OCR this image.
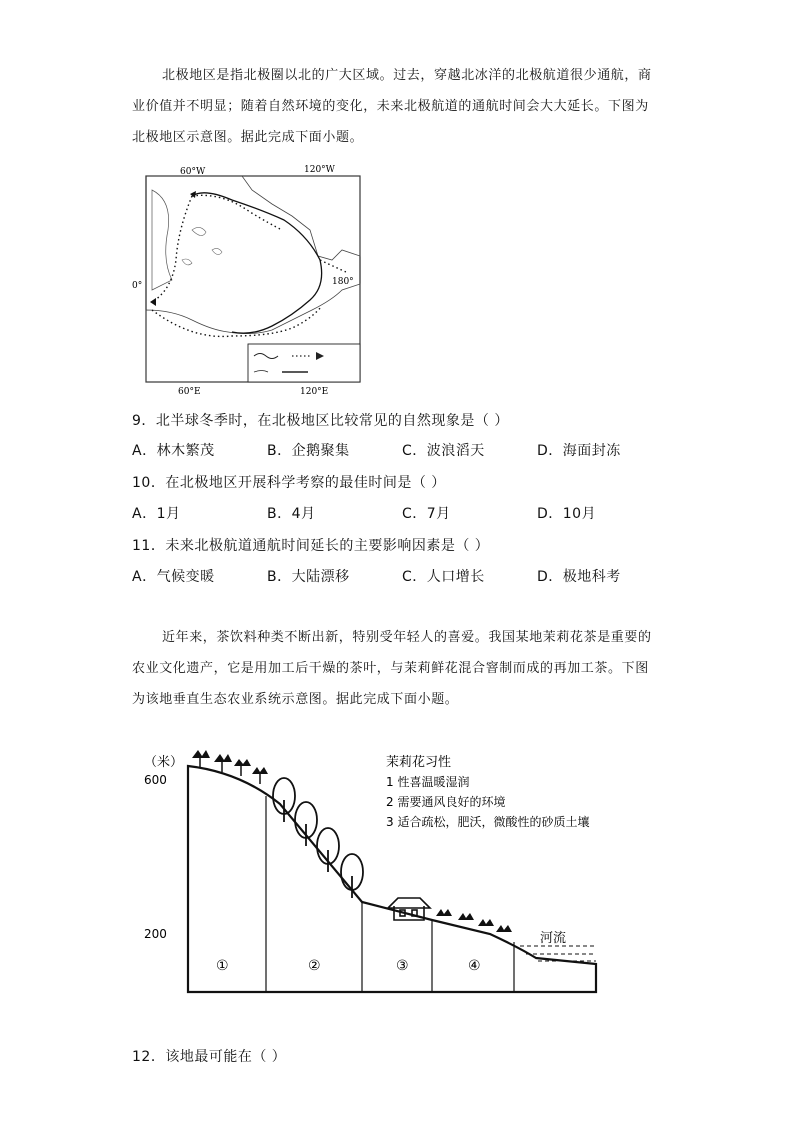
北极地区是指北极圈以北的广大区域。过去，穿越北冰洋的北极航道很少通航，商
业价值并不明显；随着自然环境的变化，未来北极航道的通航时间会大大延长。下图为
北极地区示意图。据此完成下面小题。
60°W	120°W
0°	180°
60°E	120°E
9．北半球冬季时，在北极地区比较常见的自然现象是（ ）
A．林木繁茂	B．企鹅聚集	C．波浪滔天	D．海面封冻
10．在北极地区开展科学考察的最佳时间是（ ）
A．1月	B．4月	C．7月	D．10月
11．未来北极航道通航时间延长的主要影响因素是（ ）
A．气候变暖	B．大陆漂移	C．人口增长	D．极地科考
近年来，茶饮料种类不断出新，特别受年轻人的喜爱。我国某地茉莉花茶是重要的
农业文化遗产，它是用加工后干燥的茶叶，与茉莉鲜花混合窨制而成的再加工茶。下图
为该地垂直生态农业系统示意图。据此完成下面小题。
（米）
600
200
茉莉花习性
1 性喜温暖湿润
2 需要通风良好的环境
3 适合疏松，肥沃，微酸性的砂质土壤
①	②	③	④
河流
12．该地最可能在（ ）
